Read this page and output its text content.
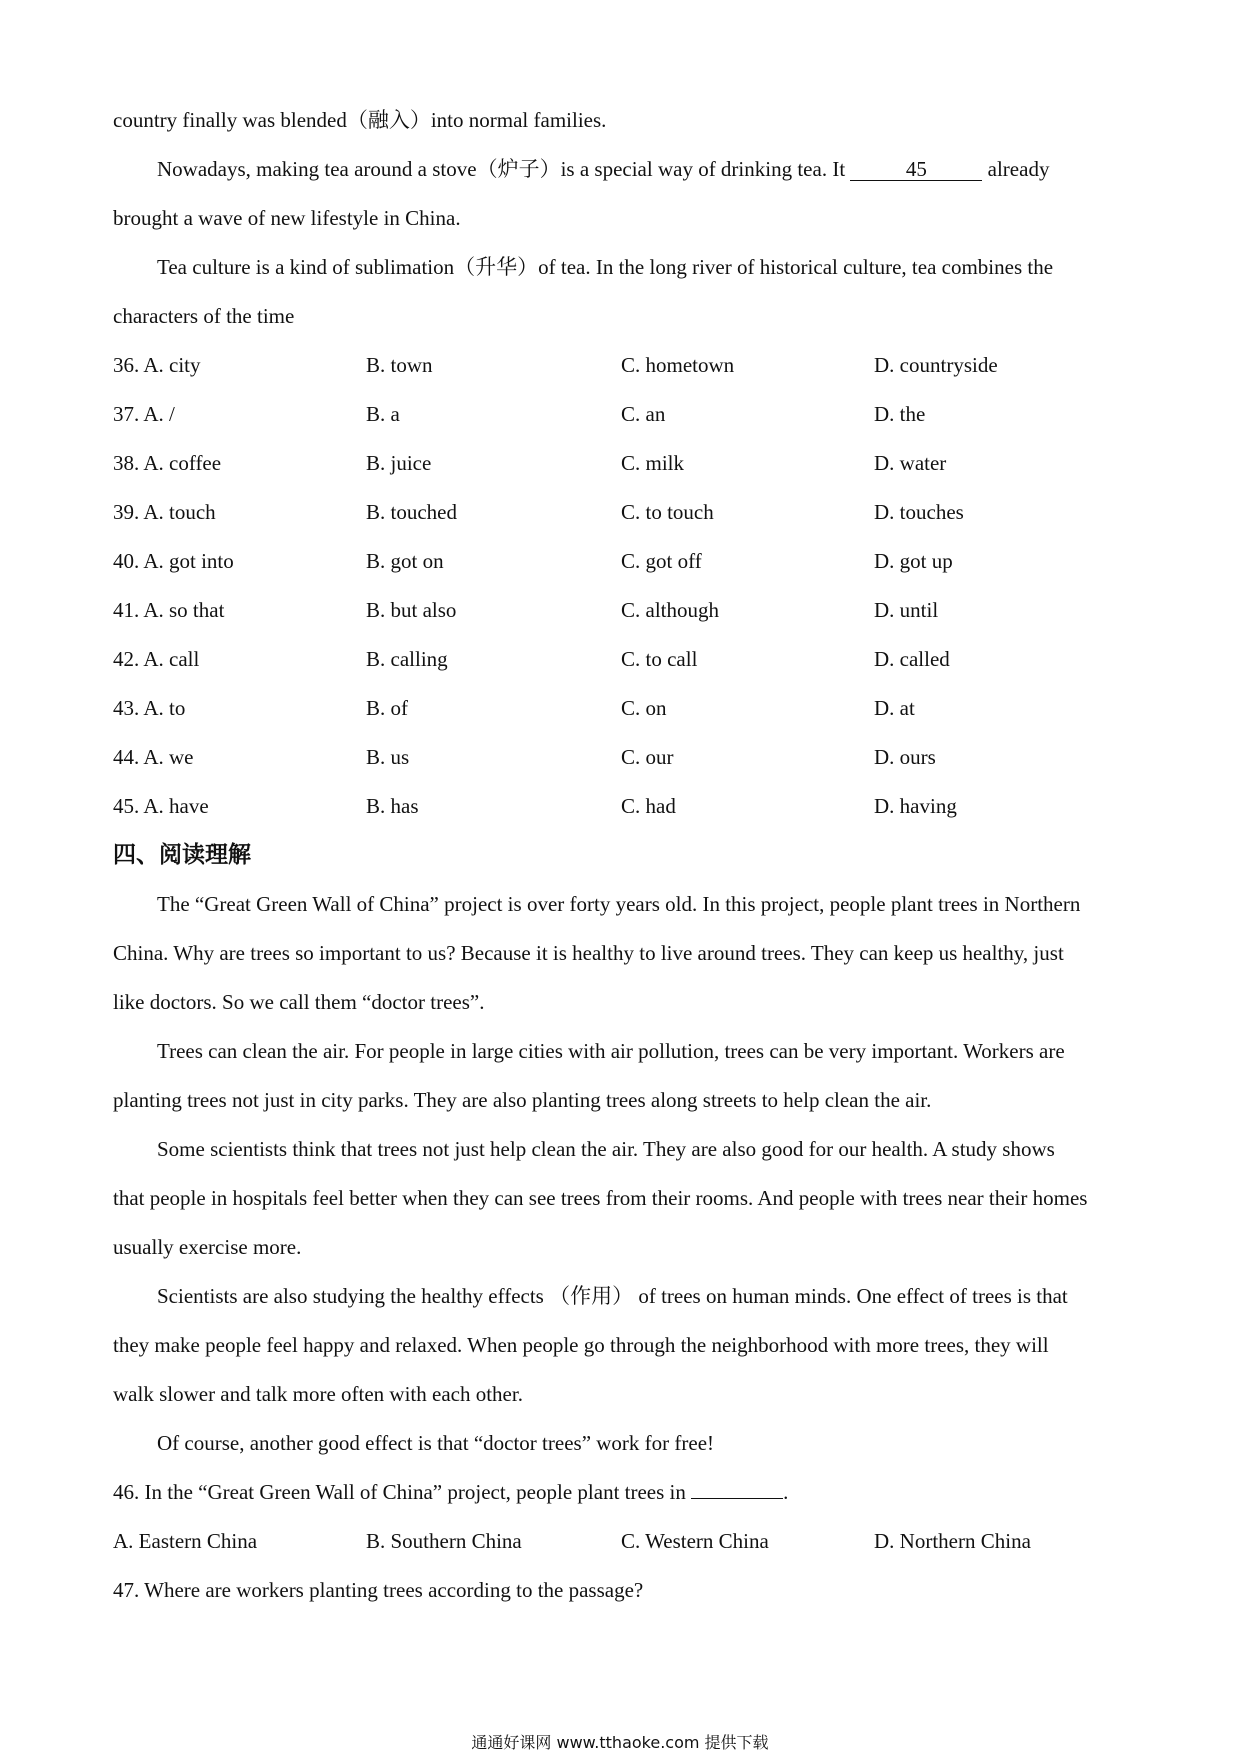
country finally was blended（融入）into normal families.
Nowadays, making tea around a stove（炉子）is a special way of drinking tea. It	45	already
brought a wave of new lifestyle in China.
Tea culture is a kind of sublimation（升华）of tea. In the long river of historical culture, tea combines the
characters of the time
36. A. city	B. town	C. hometown	D. countryside
37. A. /	B. a	C. an	D. the
38. A. coffee	B. juice	C. milk	D. water
39. A. touch	B. touched	C. to touch	D. touches
40. A. got into	B. got on	C. got off	D. got up
41. A. so that	B. but also	C. although	D. until
42. A. call	B. calling	C. to call	D. called
43. A. to	B. of	C. on	D. at
44. A. we	B. us	C. our	D. ours
45. A. have	B. has	C. had	D. having
四、阅读理解
The “Great Green Wall of China” project is over forty years old. In this project, people plant trees in Northern
China. Why are trees so important to us? Because it is healthy to live around trees. They can keep us healthy, just
like doctors. So we call them “doctor trees”.
Trees can clean the air. For people in large cities with air pollution, trees can be very important. Workers are
planting trees not just in city parks. They are also planting trees along streets to help clean the air.
Some scientists think that trees not just help clean the air. They are also good for our health. A study shows
that people in hospitals feel better when they can see trees from their rooms. And people with trees near their homes
usually exercise more.
Scientists are also studying the healthy effects （作用） of trees on human minds. One effect of trees is that
they make people feel happy and relaxed. When people go through the neighborhood with more trees, they will
walk slower and talk more often with each other.
Of course, another good effect is that “doctor trees” work for free!
46. In the “Great Green Wall of China” project, people plant trees in	.
A. Eastern China	B. Southern China	C. Western China	D. Northern China
47. Where are workers planting trees according to the passage?
通通好课网 www.tthaoke.com 提供下载
